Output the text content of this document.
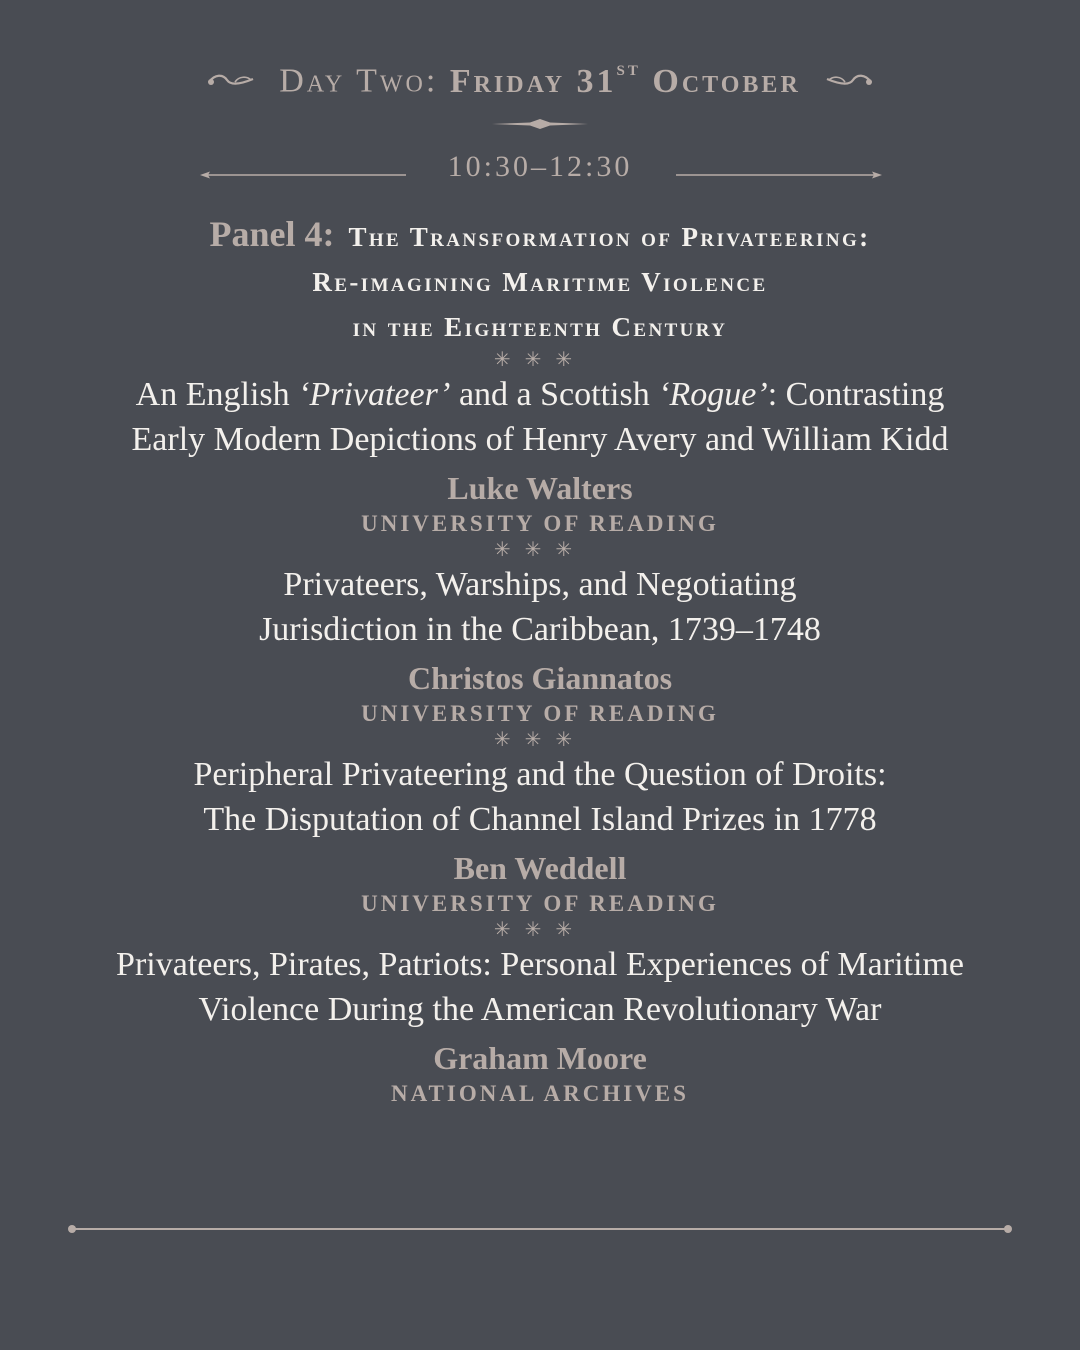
Day Two: Friday 31st October
10:30–12:30
Panel 4: The Transformation of Privateering:
Re-imagining Maritime Violence
in the Eighteenth Century
✳✳✳
An English ‘Privateer’ and a Scottish ‘Rogue’: Contrasting
Early Modern Depictions of Henry Avery and William Kidd
Luke Walters
UNIVERSITY OF READING
✳✳✳
Privateers, Warships, and Negotiating
Jurisdiction in the Caribbean, 1739–1748
Christos Giannatos
UNIVERSITY OF READING
✳✳✳
Peripheral Privateering and the Question of Droits:
The Disputation of Channel Island Prizes in 1778
Ben Weddell
UNIVERSITY OF READING
✳✳✳
Privateers, Pirates, Patriots: Personal Experiences of Maritime
Violence During the American Revolutionary War
Graham Moore
NATIONAL ARCHIVES
